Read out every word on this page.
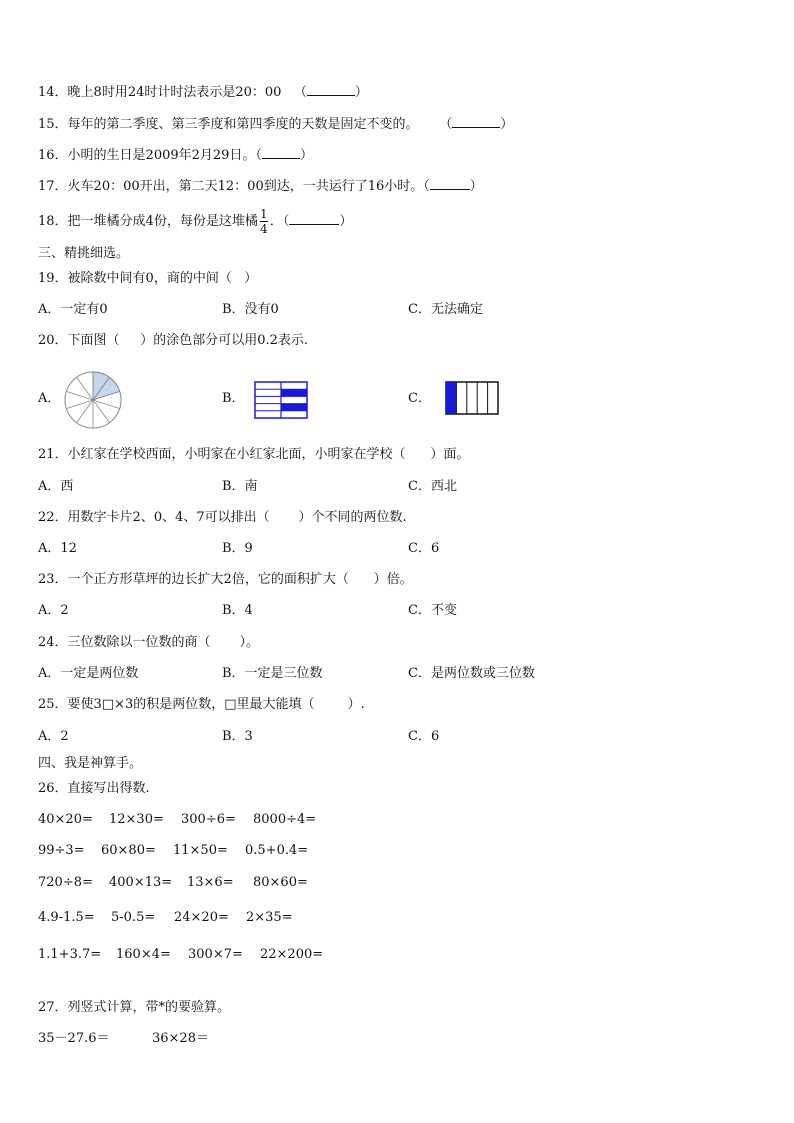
14．晚上8时用24时计时法表示是20：00 （	）
15．每年的第二季度、第三季度和第四季度的天数是固定不变的。 （	）
16．小明的生日是2009年2月29日。（	）
17．火车20：00开出，第二天12：00到达，一共运行了16小时。（	）
18．把一堆橘分成4份，每份是这堆橘 $\frac{1}{4}$ ．（	）
三、精挑细选。
19．被除数中间有0，商的中间（   ）
A．一定有0	B．没有0	C．无法确定
20．下面图（     ）的涂色部分可以用0.2表示.
A．	B．	C．
21．小红家在学校西面，小明家在小红家北面，小明家在学校（      ）面。
A．西	B．南	C．西北
22．用数字卡片2、0、4、7可以排出（       ）个不同的两位数.
A．12	B．9	C．6
23．一个正方形草坪的边长扩大2倍，它的面积扩大（      ）倍。
A．2	B．4	C．不变
24．三位数除以一位数的商（       ）。
A．一定是两位数	B．一定是三位数	C．是两位数或三位数
25．要使3□×3的积是两位数，□里最大能填（        ）.
A．2	B．3	C．6
四、我是神算手。
26．直接写出得数.
40×20= 12×30= 300÷6= 8000÷4=
99÷3= 60×80= 11×50= 0.5+0.4=
720÷8= 400×13= 13×6= 80×60=
4.9-1.5= 5-0.5= 24×20= 2×35=
1.1+3.7= 160×4= 300×7= 22×200=
27．列竖式计算，带*的要验算。
35－27.6＝	36×28＝
